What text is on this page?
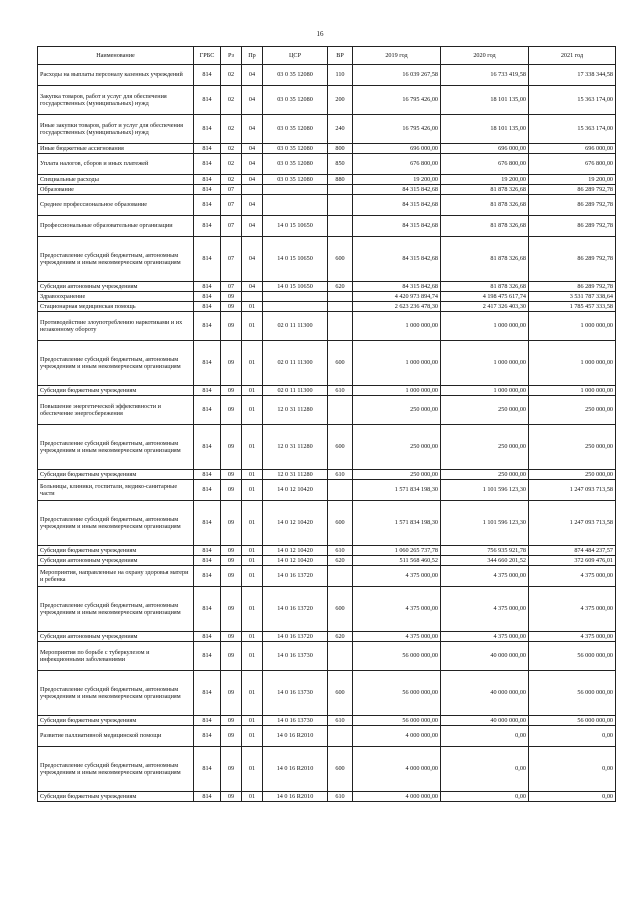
16
Наименование	ГРБС	Рз	Пр	ЦСР	ВР	2019 год	2020 год	2021 год
Расходы на выплаты персоналу казенных учреждений	814	02	04	03 0 35 12080	110	16 039 267,58	16 733 419,58	17 338 344,58
Закупка товаров, работ и услуг для обеспечения государственных (муниципальных) нужд	814	02	04	03 0 35 12080	200	16 795 426,00	18 101 135,00	15 363 174,00
Иные закупки товаров, работ и услуг для обеспечения государственных (муниципальных) нужд	814	02	04	03 0 35 12080	240	16 795 426,00	18 101 135,00	15 363 174,00
Иные бюджетные ассигнования	814	02	04	03 0 35 12080	800	696 000,00	696 000,00	696 000,00
Уплата налогов, сборов и иных платежей	814	02	04	03 0 35 12080	850	676 800,00	676 800,00	676 800,00
Специальные расходы	814	02	04	03 0 35 12080	880	19 200,00	19 200,00	19 200,00
Образование	814	07				84 315 842,68	81 878 326,68	86 289 792,78
Среднее профессиональное образование	814	07	04			84 315 842,68	81 878 326,68	86 289 792,78
Профессиональные образовательные организации	814	07	04	14 0 15 10650		84 315 842,68	81 878 326,68	86 289 792,78
Предоставление субсидий бюджетным, автономным учреждениям и иным некоммерческим организациям	814	07	04	14 0 15 10650	600	84 315 842,68	81 878 326,68	86 289 792,78
Субсидии автономным учреждениям	814	07	04	14 0 15 10650	620	84 315 842,68	81 878 326,68	86 289 792,78
Здравоохранение	814	09				4 420 973 894,74	4 198 475 617,74	3 531 787 338,64
Стационарная медицинская помощь	814	09	01			2 623 236 478,30	2 417 326 403,30	1 785 457 333,58
Противодействие злоупотреблению наркотиками и их незаконному обороту	814	09	01	02 0 11 11300		1 000 000,00	1 000 000,00	1 000 000,00
Предоставление субсидий бюджетным, автономным учреждениям и иным некоммерческим организациям	814	09	01	02 0 11 11300	600	1 000 000,00	1 000 000,00	1 000 000,00
Субсидии бюджетным учреждениям	814	09	01	02 0 11 11300	610	1 000 000,00	1 000 000,00	1 000 000,00
Повышение энергетической эффективности и обеспечение энергосбережения	814	09	01	12 0 31 11280		250 000,00	250 000,00	250 000,00
Предоставление субсидий бюджетным, автономным учреждениям и иным некоммерческим организациям	814	09	01	12 0 31 11280	600	250 000,00	250 000,00	250 000,00
Субсидии бюджетным учреждениям	814	09	01	12 0 31 11280	610	250 000,00	250 000,00	250 000,00
Больницы, клиники, госпитали, медико-санитарные части	814	09	01	14 0 12 10420		1 571 834 198,30	1 101 596 123,30	1 247 093 713,58
Предоставление субсидий бюджетным, автономным учреждениям и иным некоммерческим организациям	814	09	01	14 0 12 10420	600	1 571 834 198,30	1 101 596 123,30	1 247 093 713,58
Субсидии бюджетным учреждениям	814	09	01	14 0 12 10420	610	1 060 265 737,78	756 935 921,78	874 484 237,57
Субсидии автономным учреждениям	814	09	01	14 0 12 10420	620	511 568 460,52	344 660 201,52	372 609 476,01
Мероприятия, направленные на охрану здоровья матери и ребенка	814	09	01	14 0 16 13720		4 375 000,00	4 375 000,00	4 375 000,00
Предоставление субсидий бюджетным, автономным учреждениям и иным некоммерческим организациям	814	09	01	14 0 16 13720	600	4 375 000,00	4 375 000,00	4 375 000,00
Субсидии автономным учреждениям	814	09	01	14 0 16 13720	620	4 375 000,00	4 375 000,00	4 375 000,00
Мероприятия по борьбе с туберкулезом и инфекционными заболеваниями	814	09	01	14 0 16 13730		56 000 000,00	40 000 000,00	56 000 000,00
Предоставление субсидий бюджетным, автономным учреждениям и иным некоммерческим организациям	814	09	01	14 0 16 13730	600	56 000 000,00	40 000 000,00	56 000 000,00
Субсидии бюджетным учреждениям	814	09	01	14 0 16 13730	610	56 000 000,00	40 000 000,00	56 000 000,00
Развитие паллиативной медицинской помощи	814	09	01	14 0 16 R2010		4 000 000,00	0,00	0,00
Предоставление субсидий бюджетным, автономным учреждениям и иным некоммерческим организациям	814	09	01	14 0 16 R2010	600	4 000 000,00	0,00	0,00
Субсидии бюджетным учреждениям	814	09	01	14 0 16 R2010	610	4 000 000,00	0,00	0,00
